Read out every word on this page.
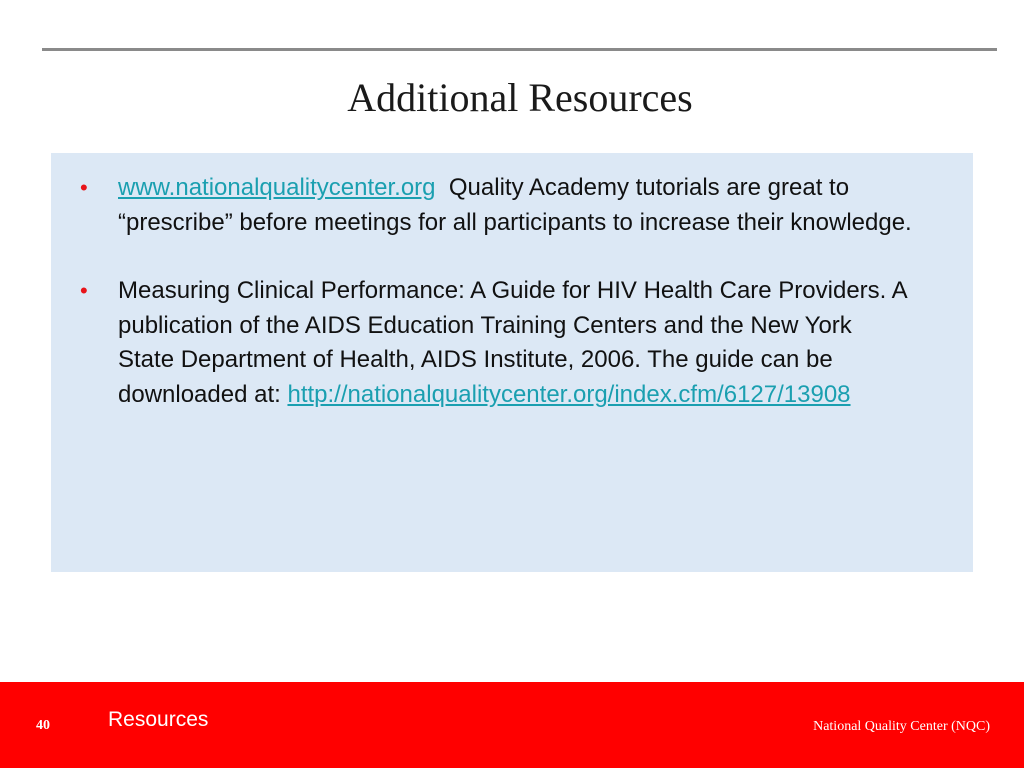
Additional Resources
• www.nationalqualitycenter.org Quality Academy tutorials are great to “prescribe” before meetings for all participants to increase their knowledge.
• Measuring Clinical Performance: A Guide for HIV Health Care Providers. A publication of the AIDS Education Training Centers and the New York State Department of Health, AIDS Institute, 2006. The guide can be downloaded at: http://nationalqualitycenter.org/index.cfm/6127/13908
40	Resources	National Quality Center (NQC)
